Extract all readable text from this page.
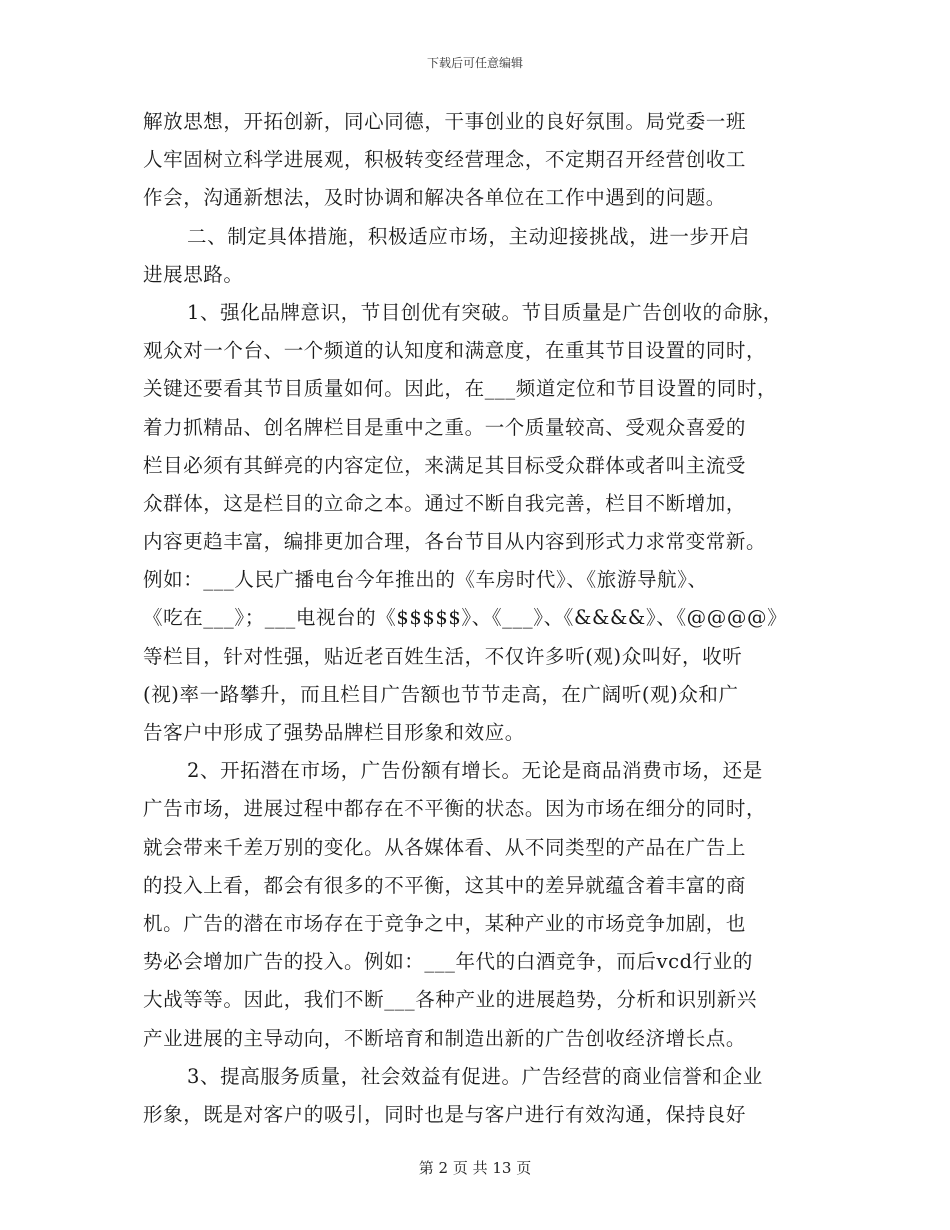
下载后可任意编辑
解放思想，开拓创新，同心同德，干事创业的良好氛围。局党委一班
人牢固树立科学进展观，积极转变经营理念，不定期召开经营创收工
作会，沟通新想法，及时协调和解决各单位在工作中遇到的问题。
二、制定具体措施，积极适应市场，主动迎接挑战，进一步开启
进展思路。
1、强化品牌意识，节目创优有突破。节目质量是广告创收的命脉，
观众对一个台、一个频道的认知度和满意度，在重其节目设置的同时，
关键还要看其节目质量如何。因此，在___频道定位和节目设置的同时，
着力抓精品、创名牌栏目是重中之重。一个质量较高、受观众喜爱的
栏目必须有其鲜亮的内容定位，来满足其目标受众群体或者叫主流受
众群体，这是栏目的立命之本。通过不断自我完善，栏目不断增加，
内容更趋丰富，编排更加合理，各台节目从内容到形式力求常变常新。
例如：___人民广播电台今年推出的《车房时代》、《旅游导航》、
《吃在___》；___电视台的《$$$$$》、《___》、《&&&&》、《@@@@》
等栏目，针对性强，贴近老百姓生活，不仅许多听(观)众叫好，收听
(视)率一路攀升，而且栏目广告额也节节走高，在广阔听(观)众和广
告客户中形成了强势品牌栏目形象和效应。
2、开拓潜在市场，广告份额有增长。无论是商品消费市场，还是
广告市场，进展过程中都存在不平衡的状态。因为市场在细分的同时，
就会带来千差万别的变化。从各媒体看、从不同类型的产品在广告上
的投入上看，都会有很多的不平衡，这其中的差异就蕴含着丰富的商
机。广告的潜在市场存在于竞争之中，某种产业的市场竞争加剧，也
势必会增加广告的投入。例如：___年代的白酒竞争，而后vcd行业的
大战等等。因此，我们不断___各种产业的进展趋势，分析和识别新兴
产业进展的主导动向，不断培育和制造出新的广告创收经济增长点。
3、提高服务质量，社会效益有促进。广告经营的商业信誉和企业
形象，既是对客户的吸引，同时也是与客户进行有效沟通，保持良好
第 2 页 共 13 页
